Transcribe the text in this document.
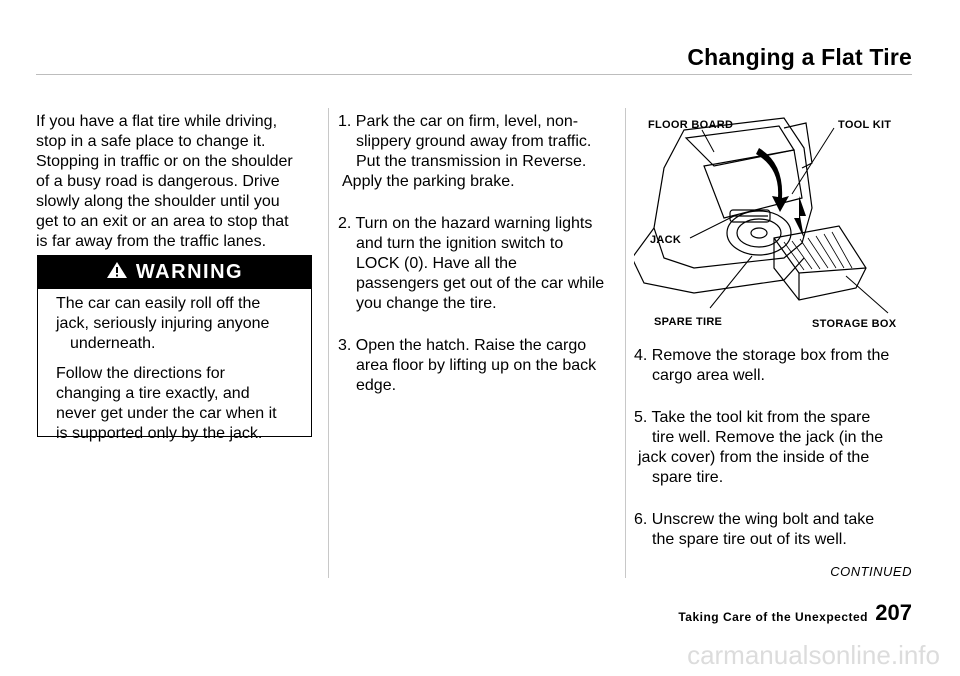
Changing a Flat Tire
If you have a flat tire while driving,
stop in a safe place to change it.
Stopping in traffic or on the shoulder
of a busy road is dangerous. Drive
slowly along the shoulder until you
get to an exit or an area to stop that
is far away from the traffic lanes.
WARNING

The car can easily roll off the
jack, seriously injuring anyone
underneath.

Follow the directions for
changing a tire exactly, and
never get under the car when it
is supported only by the jack.

1. Park the car on firm, level, non-

slippery ground away from traffic.

Put the transmission in Reverse.

Apply the parking brake.

2. Turn on the hazard warning lights

and turn the ignition switch to

LOCK (0). Have all the

passengers get out of the car while

you change the tire.

3. Open the hatch. Raise the cargo

area floor by lifting up on the back

edge.

FLOOR BOARD	TOOL KIT
JACK
SPARE TIRE	STORAGE BOX

4. Remove the storage box from the

cargo area well.

5. Take the tool kit from the spare

tire well. Remove the jack (in the

jack cover) from the inside of the

spare tire.

6. Unscrew the wing bolt and take

the spare tire out of its well.

CONTINUED
Taking Care of the Unexpected 207
carmanualsonline.info
